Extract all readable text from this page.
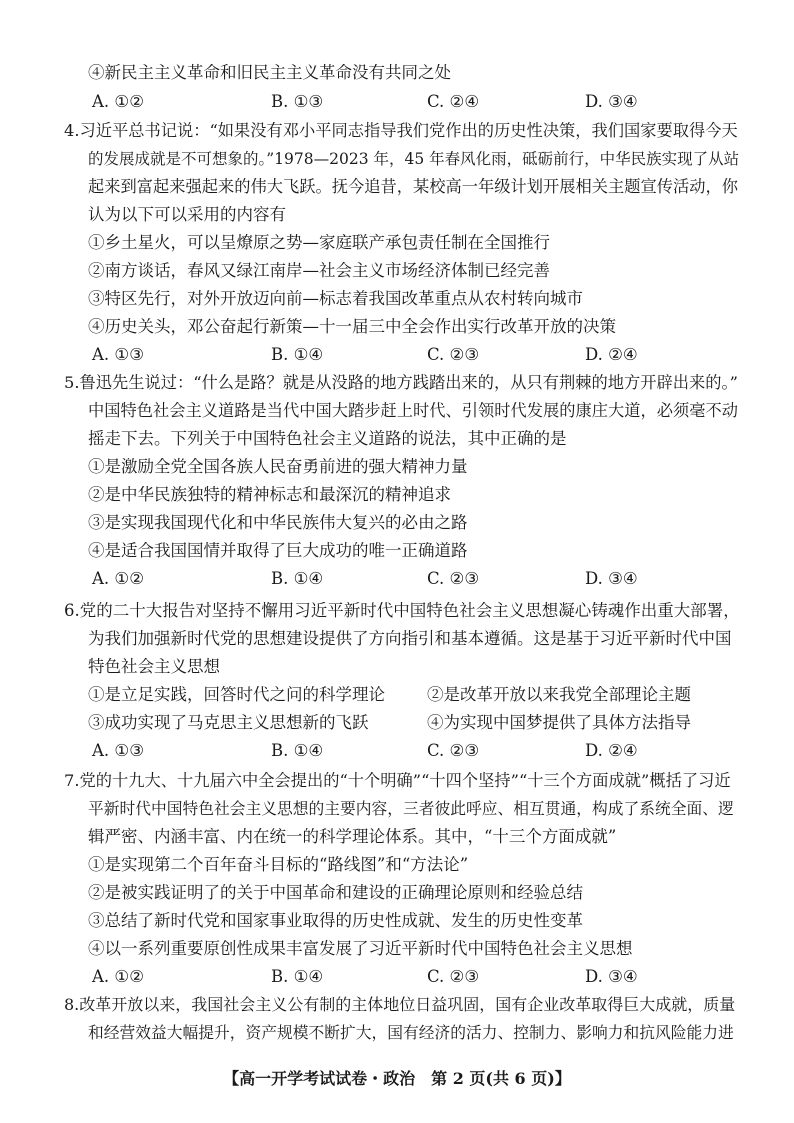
④新民主主义革命和旧民主主义革命没有共同之处
A. ①②	B. ①③	C. ②④	D. ③④
4.习近平总书记说：“如果没有邓小平同志指导我们党作出的历史性决策，我们国家要取得今天
的发展成就是不可想象的。”1978—2023 年，45 年春风化雨，砥砺前行，中华民族实现了从站
起来到富起来强起来的伟大飞跃。抚今追昔，某校高一年级计划开展相关主题宣传活动，你
认为以下可以采用的内容有
①乡土星火，可以呈燎原之势—家庭联产承包责任制在全国推行
②南方谈话，春风又绿江南岸—社会主义市场经济体制已经完善
③特区先行，对外开放迈向前—标志着我国改革重点从农村转向城市
④历史关头，邓公奋起行新策—十一届三中全会作出实行改革开放的决策
A. ①③	B. ①④	C. ②③	D. ②④
5.鲁迅先生说过：“什么是路？就是从没路的地方践踏出来的，从只有荆棘的地方开辟出来的。”
中国特色社会主义道路是当代中国大踏步赶上时代、引领时代发展的康庄大道，必须毫不动
摇走下去。下列关于中国特色社会主义道路的说法，其中正确的是
①是激励全党全国各族人民奋勇前进的强大精神力量
②是中华民族独特的精神标志和最深沉的精神追求
③是实现我国现代化和中华民族伟大复兴的必由之路
④是适合我国国情并取得了巨大成功的唯一正确道路
A. ①②	B. ①④	C. ②③	D. ③④
6.党的二十大报告对坚持不懈用习近平新时代中国特色社会主义思想凝心铸魂作出重大部署，
为我们加强新时代党的思想建设提供了方向指引和基本遵循。这是基于习近平新时代中国
特色社会主义思想
①是立足实践，回答时代之问的科学理论	②是改革开放以来我党全部理论主题
③成功实现了马克思主义思想新的飞跃	④为实现中国梦提供了具体方法指导
A. ①③	B. ①④	C. ②③	D. ②④
7.党的十九大、十九届六中全会提出的“十个明确”“十四个坚持”“十三个方面成就”概括了习近
平新时代中国特色社会主义思想的主要内容，三者彼此呼应、相互贯通，构成了系统全面、逻
辑严密、内涵丰富、内在统一的科学理论体系。其中，“十三个方面成就”
①是实现第二个百年奋斗目标的“路线图”和“方法论”
②是被实践证明了的关于中国革命和建设的正确理论原则和经验总结
③总结了新时代党和国家事业取得的历史性成就、发生的历史性变革
④以一系列重要原创性成果丰富发展了习近平新时代中国特色社会主义思想
A. ①②	B. ①④	C. ②③	D. ③④
8.改革开放以来，我国社会主义公有制的主体地位日益巩固，国有企业改革取得巨大成就，质量
和经营效益大幅提升，资产规模不断扩大，国有经济的活力、控制力、影响力和抗风险能力进
【高一开学考试试卷・政治　第 2 页(共 6 页)】
